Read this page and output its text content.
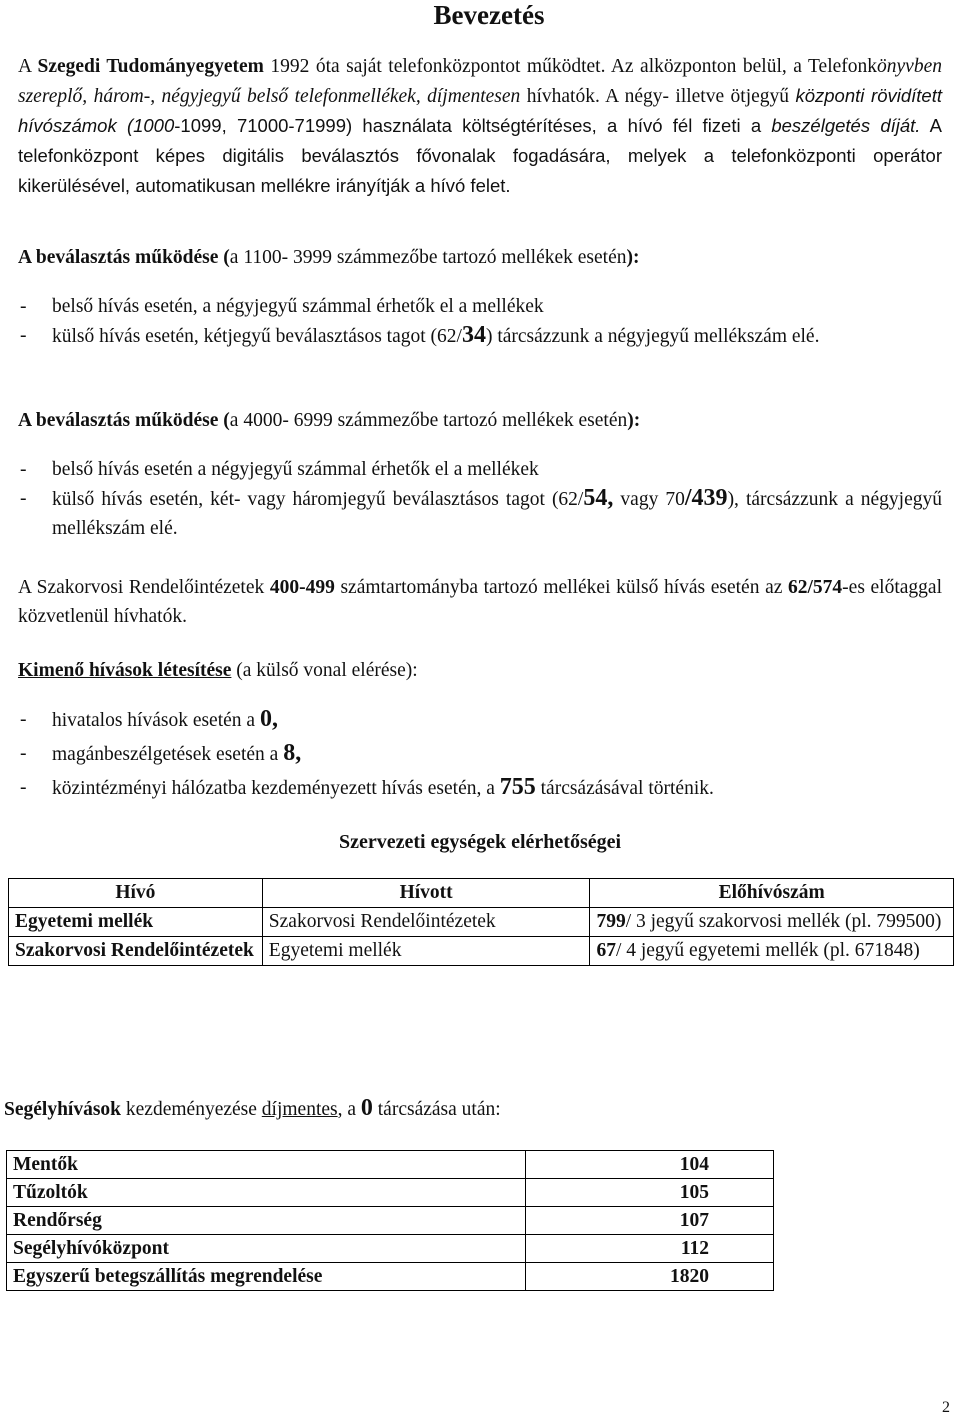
Bevezetés

A Szegedi Tudományegyetem 1992 óta saját telefonközpontot működtet. Az alközponton belül, a Telefonkönyvben szereplő, három-, négyjegyű belső telefonmellékek, díjmentesen hívhatók. A négy- illetve ötjegyű központi rövidített hívószámok (1000-1099, 71000-71999) használata költségtérítéses, a hívó fél fizeti a beszélgetés díját. A telefonközpont képes digitális beválasztós fővonalak fogadására, melyek a telefonközponti operátor kikerülésével, automatikusan mellékre irányítják a hívó felet.

A beválasztás működése (a 1100- 3999 számmezőbe tartozó mellékek esetén):

- belső hívás esetén, a négyjegyű számmal érhetők el a mellékek
- külső hívás esetén, kétjegyű beválasztásos tagot (62/34) tárcsázzunk a négyjegyű mellékszám elé.

A beválasztás működése (a 4000- 6999 számmezőbe tartozó mellékek esetén):

- belső hívás esetén a négyjegyű számmal érhetők el a mellékek
- külső hívás esetén, két- vagy háromjegyű beválasztásos tagot (62/54, vagy 70/439), tárcsázzunk a négyjegyű mellékszám elé.

A Szakorvosi Rendelőintézetek 400-499 számtartományba tartozó mellékei külső hívás esetén az 62/574-es előtaggal közvetlenül hívhatók.

Kimenő hívások létesítése (a külső vonal elérése):

- hivatalos hívások esetén a 0,
- magánbeszélgetések esetén a 8,
- közintézményi hálózatba kezdeményezett hívás esetén, a 755 tárcsázásával történik.

Szervezeti egységek elérhetőségei

Hívó	Hívott	Előhívószám
Egyetemi mellék	Szakorvosi Rendelőintézetek	799/ 3 jegyű szakorvosi mellék (pl. 799500)
Szakorvosi Rendelőintézetek	Egyetemi mellék	67/ 4 jegyű egyetemi mellék (pl. 671848)

Segélyhívások kezdeményezése díjmentes, a 0 tárcsázása után:

Mentők	104
Tűzoltók	105
Rendőrség	107
Segélyhívóközpont	112
Egyszerű betegszállítás megrendelése	1820
2
